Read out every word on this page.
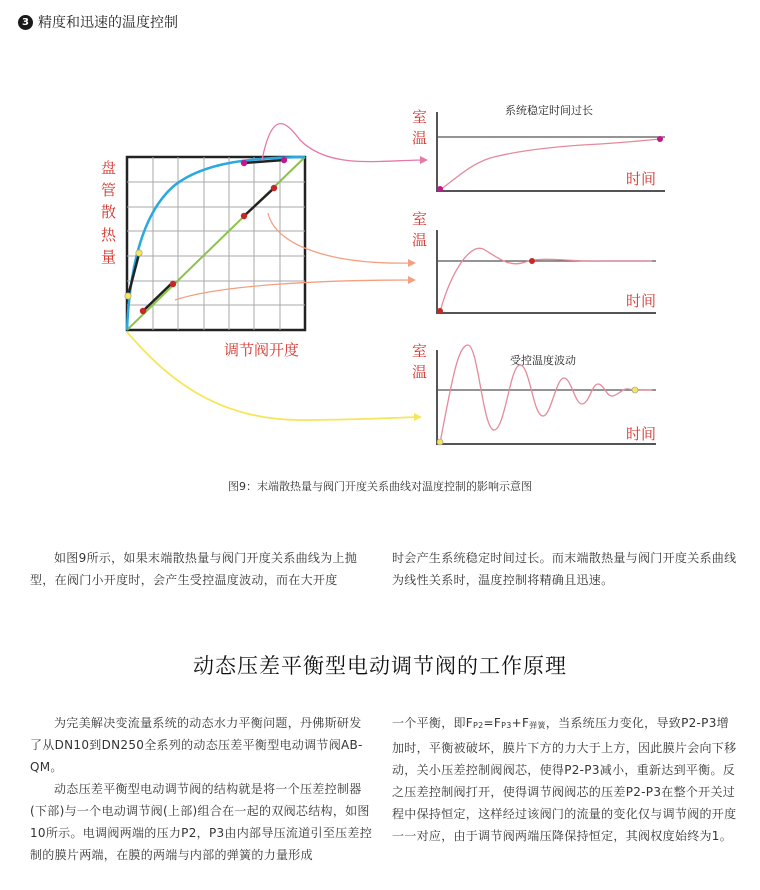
3 精度和迅速的温度控制
盘
管
散
热
量
调节阀开度
室
温
系统稳定时间过长
时间
室
温
时间
室
温
受控温度波动
时间
图9：末端散热量与阀门开度关系曲线对温度控制的影响示意图

如图9所示，如果末端散热量与阀门开度关系曲线为上抛型，在阀门小开度时，会产生受控温度波动，而在大开度

时会产生系统稳定时间过长。而末端散热量与阀门开度关系曲线为线性关系时，温度控制将精确且迅速。

动态压差平衡型电动调节阀的工作原理

为完美解决变流量系统的动态水力平衡问题，丹佛斯研发了从DN10到DN250全系列的动态压差平衡型电动调节阀AB-QM。

动态压差平衡型电动调节阀的结构就是将一个压差控制器(下部)与一个电动调节阀(上部)组合在一起的双阀芯结构，如图10所示。电调阀两端的压力P2，P3由内部导压流道引至压差控制的膜片两端，在膜的两端与内部的弹簧的力量形成

一个平衡，即$F_{P2}=F_{P3}+F_{弹簧}$，当系统压力变化，导致P2-P3增加时，平衡被破坏，膜片下方的力大于上方，因此膜片会向下移动，关小压差控制阀阀芯，使得P2-P3减小，重新达到平衡。反之压差控制阀打开，使得调节阀阀芯的压差P2-P3在整个开关过程中保持恒定，这样经过该阀门的流量的变化仅与调节阀的开度一一对应，由于调节阀两端压降保持恒定，其阀权度始终为1。
